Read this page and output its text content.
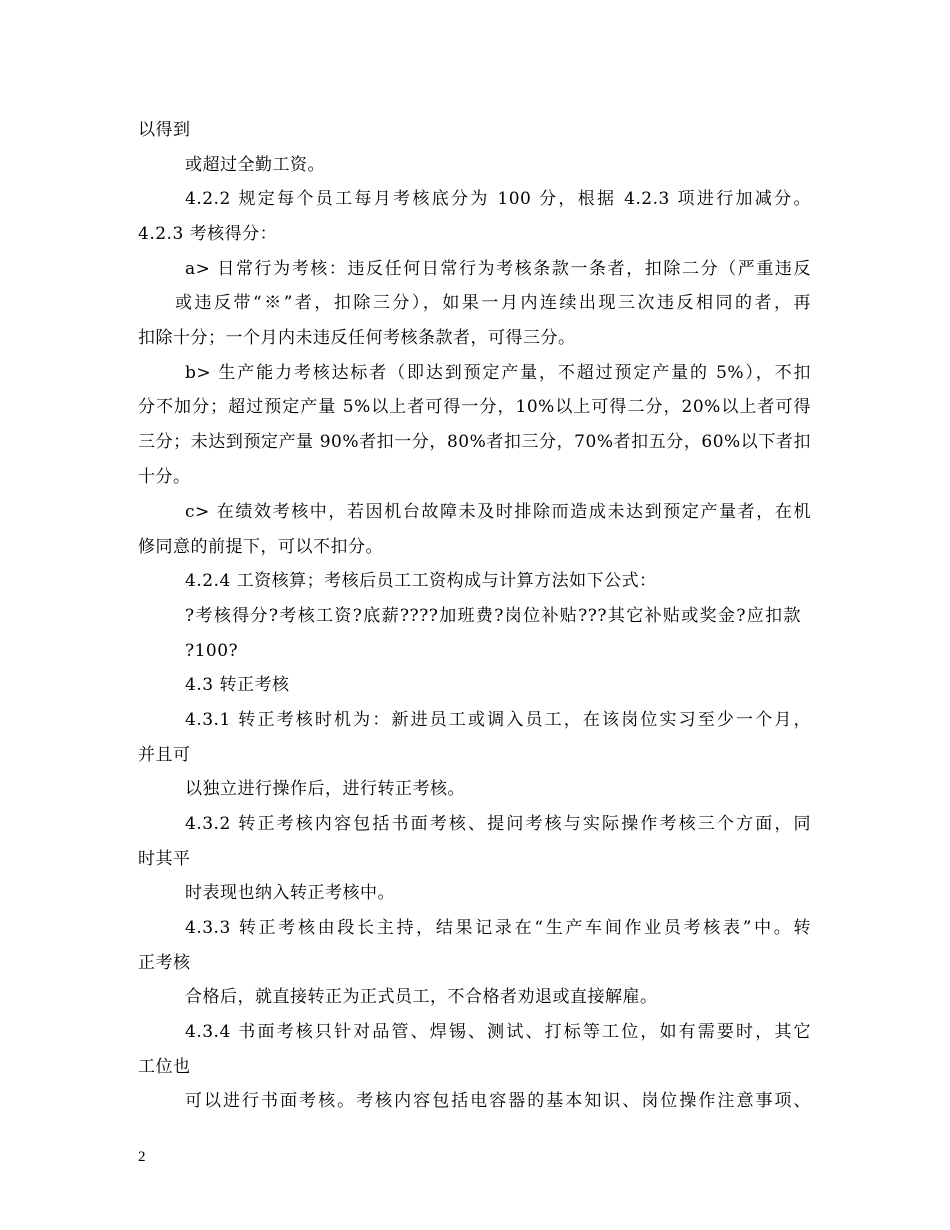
以得到
或超过全勤工资。
4.2.2 规定每个员工每月考核底分为 100 分，根据 4.2.3 项进行加减分。
4.2.3 考核得分：
a> 日常行为考核：违反任何日常行为考核条款一条者，扣除二分（严重违反
或违反带“※”者，扣除三分），如果一月内连续出现三次违反相同的者，再
扣除十分；一个月内未违反任何考核条款者，可得三分。
b> 生产能力考核达标者（即达到预定产量，不超过预定产量的 5%），不扣
分不加分；超过预定产量 5%以上者可得一分，10%以上可得二分，20%以上者可得
三分；未达到预定产量 90%者扣一分，80%者扣三分，70%者扣五分，60%以下者扣
十分。
c> 在绩效考核中，若因机台故障未及时排除而造成未达到预定产量者，在机
修同意的前提下，可以不扣分。
4.2.4 工资核算；考核后员工工资构成与计算方法如下公式：
?考核得分?考核工资?底薪????加班费?岗位补贴???其它补贴或奖金?应扣款
?100?
4.3 转正考核
4.3.1 转正考核时机为：新进员工或调入员工，在该岗位实习至少一个月，
并且可
以独立进行操作后，进行转正考核。
4.3.2 转正考核内容包括书面考核、提问考核与实际操作考核三个方面，同
时其平
时表现也纳入转正考核中。
4.3.3 转正考核由段长主持，结果记录在“生产车间作业员考核表”中。转
正考核
合格后，就直接转正为正式员工，不合格者劝退或直接解雇。
4.3.4 书面考核只针对品管、焊锡、测试、打标等工位，如有需要时，其它
工位也
可以进行书面考核。考核内容包括电容器的基本知识、岗位操作注意事项、
2
